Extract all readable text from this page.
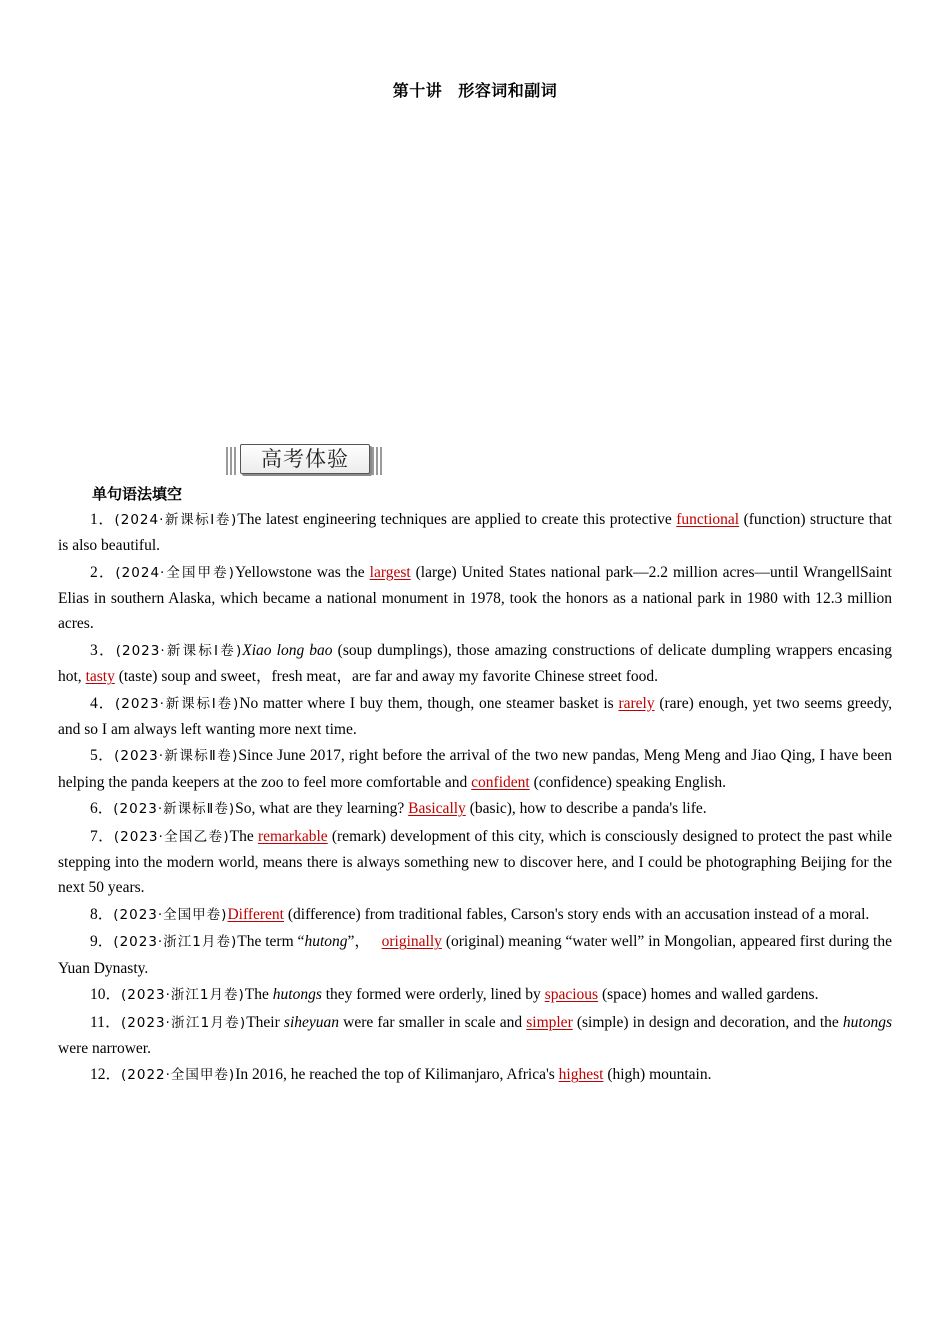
第十讲 形容词和副词
高考体验
单句语法填空

1．(2024·新课标Ⅰ卷)The latest engineering techniques are applied to create this protective functional (function) structure that is also beautiful.

2．(2024·全国甲卷)Yellowstone was the largest (large) United States national park—2.2 million acres—until WrangellSaint Elias in southern Alaska, which became a national monument in 1978, took the honors as a national park in 1980 with 12.3 million acres.

3．(2023·新课标Ⅰ卷)Xiao long bao (soup dumplings), those amazing constructions of delicate dumpling wrappers encasing hot, tasty (taste) soup and sweet，fresh meat，are far and away my favorite Chinese street food.

4．(2023·新课标Ⅰ卷)No matter where I buy them, though, one steamer basket is rarely (rare) enough, yet two seems greedy, and so I am always left wanting more next time.

5．(2023·新课标Ⅱ卷)Since June 2017, right before the arrival of the two new pandas, Meng Meng and Jiao Qing, I have been helping the panda keepers at the zoo to feel more comfortable and confident (confidence) speaking English.

6．(2023·新课标Ⅱ卷)So, what are they learning? Basically (basic), how to describe a panda's life.

7．(2023·全国乙卷)The remarkable (remark) development of this city, which is consciously designed to protect the past while stepping into the modern world, means there is always something new to discover here, and I could be photographing Beijing for the next 50 years.

8．(2023·全国甲卷)Different (difference) from traditional fables, Carson's story ends with an accusation instead of a moral.

9．(2023·浙江1月卷)The term “hutong”，   originally (original) meaning “water well” in Mongolian, appeared first during the Yuan Dynasty.

10．(2023·浙江1月卷)The hutongs they formed were orderly, lined by spacious (space) homes and walled gardens.

11．(2023·浙江1月卷)Their siheyuan were far smaller in scale and simpler (simple) in design and decoration, and the hutongs were narrower.

12．(2022·全国甲卷)In 2016, he reached the top of Kilimanjaro, Africa's highest (high) mountain.
